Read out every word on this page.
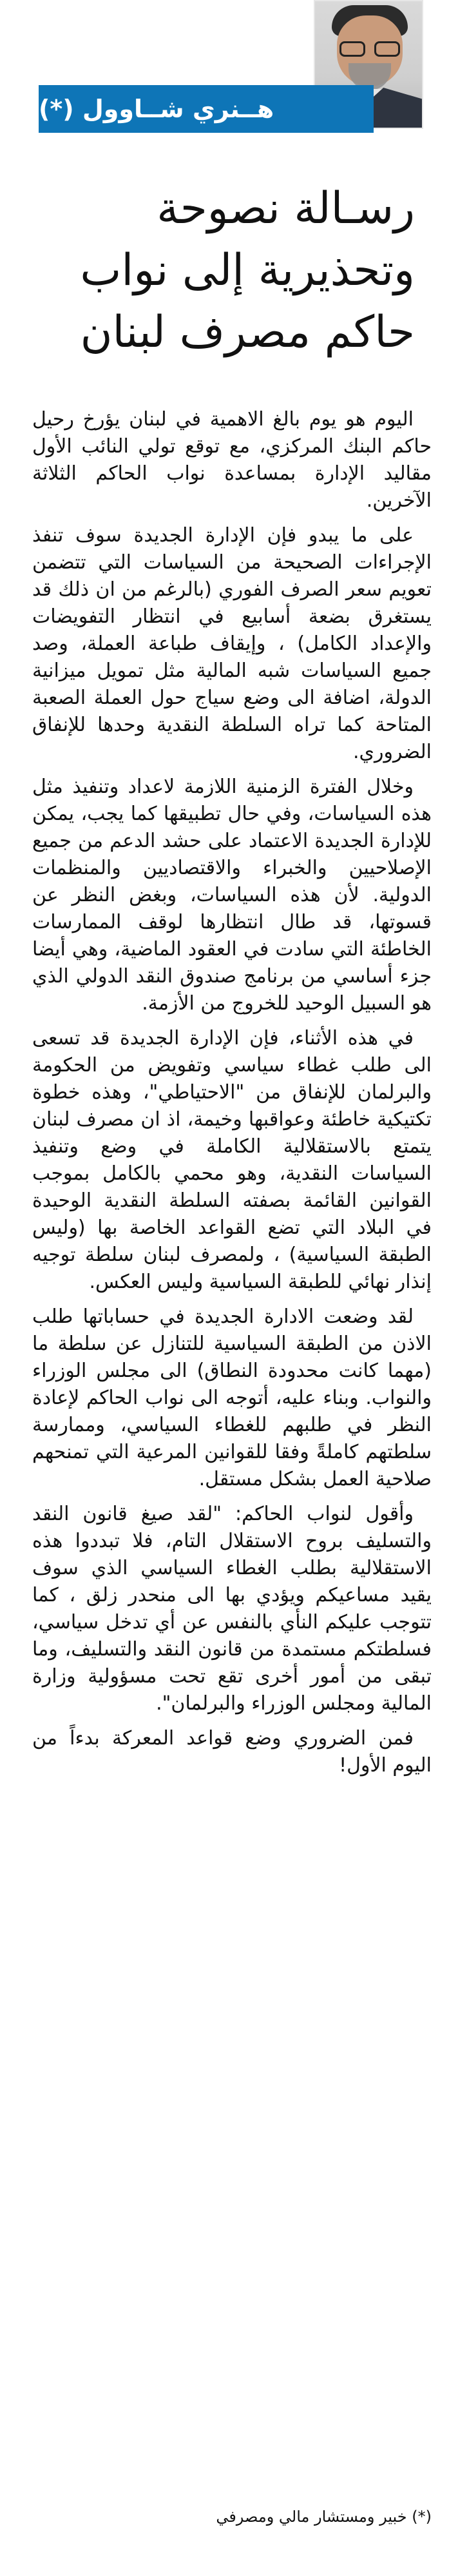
هــنري شــاوول (*)
رسـالة نصوحة
وتحذيرية إلى نواب
حاكم مصرف لبنان

اليوم هو يوم بالغ الاهمية في لبنان يؤرخ رحيل حاكم البنك المركزي، مع توقع تولي النائب الأول مقاليد الإدارة بمساعدة نواب الحاكم الثلاثة الآخرين.

على ما يبدو فإن الإدارة الجديدة سوف تنفذ الإجراءات الصحيحة من السياسات التي تتضمن تعويم سعر الصرف الفوري (بالرغم من ان ذلك قد يستغرق بضعة أسابيع في انتظار التفويضات والإعداد الكامل) ، وإيقاف طباعة العملة، وصد جميع السياسات شبه المالية مثل تمويل ميزانية الدولة، اضافة الى وضع سياج حول العملة الصعبة المتاحة كما تراه السلطة النقدية وحدها للإنفاق الضروري.

وخلال الفترة الزمنية اللازمة لاعداد وتنفيذ مثل هذه السياسات، وفي حال تطبيقها كما يجب، يمكن للإدارة الجديدة الاعتماد على حشد الدعم من جميع الإصلاحيين والخبراء والاقتصاديين والمنظمات الدولية. لأن هذه السياسات، وبغض النظر عن قسوتها، قد طال انتظارها لوقف الممارسات الخاطئة التي سادت في العقود الماضية، وهي أيضا جزء أساسي من برنامج صندوق النقد الدولي الذي هو السبيل الوحيد للخروج من الأزمة.

في هذه الأثناء، فإن الإدارة الجديدة قد تسعى الى طلب غطاء سياسي وتفويض من الحكومة والبرلمان للإنفاق من "الاحتياطي"، وهذه خطوة تكتيكية خاطئة وعواقبها وخيمة، اذ ان مصرف لبنان يتمتع بالاستقلالية الكاملة في وضع وتنفيذ السياسات النقدية، وهو محمي بالكامل بموجب القوانين القائمة بصفته السلطة النقدية الوحيدة في البلاد التي تضع القواعد الخاصة بها (وليس الطبقة السياسية) ، ولمصرف لبنان سلطة توجيه إنذار نهائي للطبقة السياسية وليس العكس.

لقد وضعت الادارة الجديدة في حساباتها طلب الاذن من الطبقة السياسية للتنازل عن سلطة ما (مهما كانت محدودة النطاق) الى مجلس الوزراء والنواب. وبناء عليه، أتوجه الى نواب الحاكم لإعادة النظر في طلبهم للغطاء السياسي، وممارسة سلطتهم كاملةً وفقا للقوانين المرعية التي تمنحهم صلاحية العمل بشكل مستقل.

وأقول لنواب الحاكم: "لقد صيغ قانون النقد والتسليف بروح الاستقلال التام، فلا تبددوا هذه الاستقلالية بطلب الغطاء السياسي الذي سوف يقيد مساعيكم ويؤدي بها الى منحدر زلق ، كما تتوجب عليكم النأي بالنفس عن أي تدخل سياسي، فسلطتكم مستمدة من قانون النقد والتسليف، وما تبقى من أمور أخرى تقع تحت مسؤولية وزارة المالية ومجلس الوزراء والبرلمان".

فمن الضروري وضع قواعد المعركة بدءاً من اليوم الأول!

(*) خبير ومستشار مالي ومصرفي
